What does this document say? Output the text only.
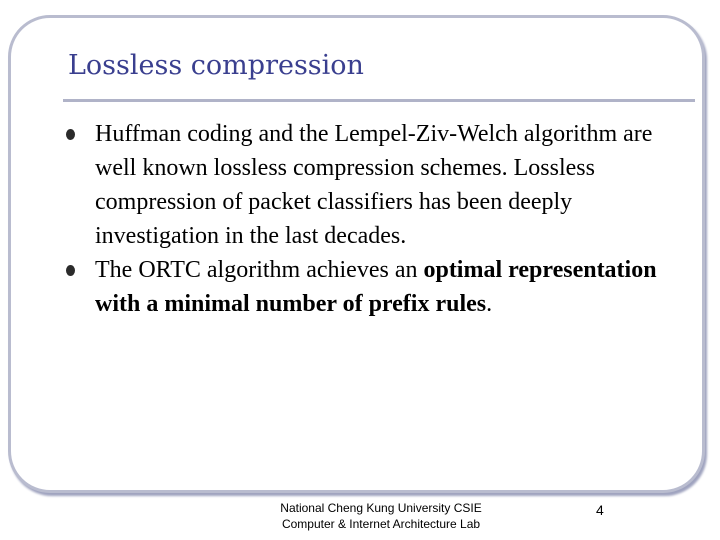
Lossless compression
Huffman coding and the Lempel-Ziv-Welch algorithm are well known lossless compression schemes. Lossless compression of packet classifiers has been deeply investigation in the last decades.
The ORTC algorithm achieves an optimal representation with a minimal number of prefix rules.
National Cheng Kung University CSIE
Computer & Internet Architecture Lab
4
